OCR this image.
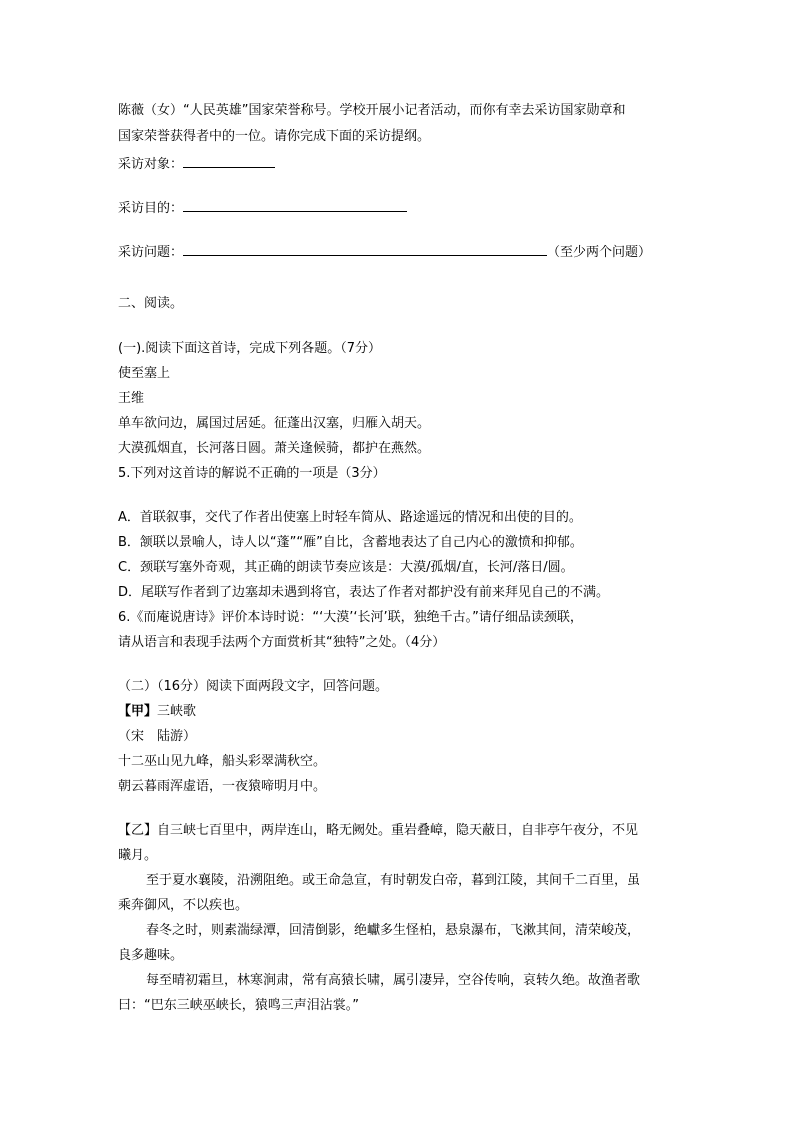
陈薇（女）“人民英雄”国家荣誉称号。学校开展小记者活动，而你有幸去采访国家勋章和
国家荣誉获得者中的一位。请你完成下面的采访提纲。
采访对象：
采访目的：
采访问题：	（至少两个问题）
二、阅读。
(一).阅读下面这首诗，完成下列各题。（7分）
使至塞上
王维
单车欲问边，属国过居延。征蓬出汉塞，归雁入胡天。
大漠孤烟直，长河落日圆。萧关逢候骑，都护在燕然。
5.下列对这首诗的解说不正确的一项是（3分）
A．首联叙事，交代了作者出使塞上时轻车简从、路途遥远的情况和出使的目的。
B．颔联以景喻人，诗人以“蓬”“雁”自比，含蓄地表达了自己内心的激愤和抑郁。
C．颈联写塞外奇观，其正确的朗读节奏应该是：大漠/孤烟/直，长河/落日/圆。
D．尾联写作者到了边塞却未遇到将官，表达了作者对都护没有前来拜见自己的不满。
6.《而庵说唐诗》评价本诗时说：“‘大漠’‘长河’联，独绝千古。”请仔细品读颈联，
请从语言和表现手法两个方面赏析其“独特”之处。（4分）
（二）（16分）阅读下面两段文字，回答问题。
【甲】三峡歌
（宋　陆游）
十二巫山见九峰，船头彩翠满秋空。
朝云暮雨浑虚语，一夜猿啼明月中。
【乙】自三峡七百里中，两岸连山，略无阙处。重岩叠嶂，隐天蔽日，自非亭午夜分，不见
曦月。
至于夏水襄陵，沿溯阻绝。或王命急宣，有时朝发白帝，暮到江陵，其间千二百里，虽
乘奔御风，不以疾也。
春冬之时，则素湍绿潭，回清倒影，绝巘多生怪柏，悬泉瀑布，飞漱其间，清荣峻茂，
良多趣味。
每至晴初霜旦，林寒涧肃，常有高猿长啸，属引凄异，空谷传响，哀转久绝。故渔者歌
曰：“巴东三峡巫峡长，猿鸣三声泪沾裳。”
